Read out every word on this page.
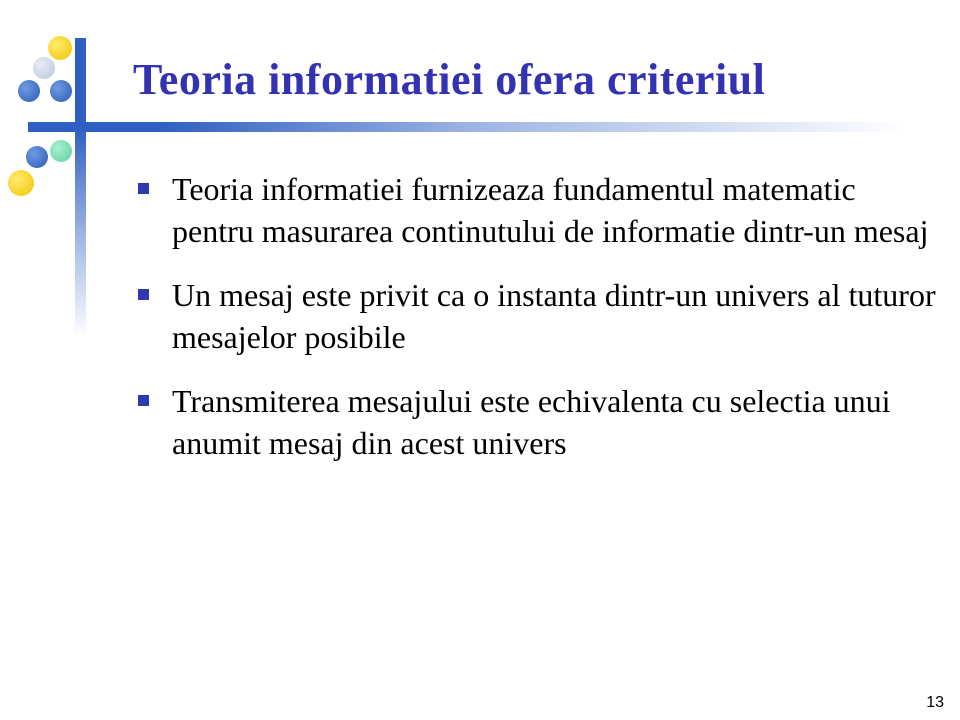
Teoria informatiei ofera criteriul
Teoria informatiei furnizeaza fundamentul matematic pentru masurarea continutului de informatie dintr-un mesaj
Un mesaj este privit ca o instanta dintr-un univers al tuturor mesajelor posibile
Transmiterea mesajului este echivalenta cu selectia unui anumit mesaj din acest univers
13
